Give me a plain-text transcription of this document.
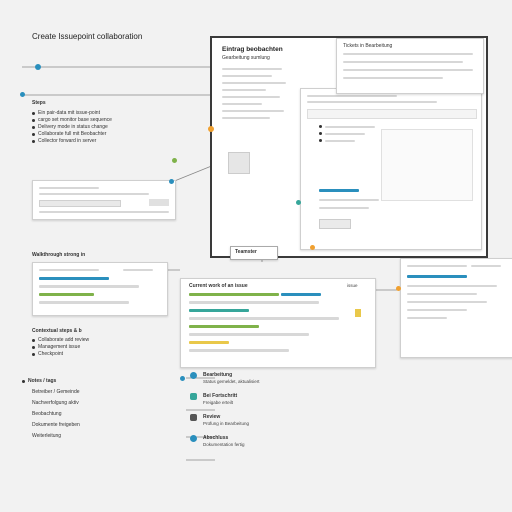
Create Issuepoint collaboration
Steps
Ein pair-data mit issue-point
cargo set monitor base sequence
Delivery mode in status change
Collaborate full mit Beobachter
Collector forward in server
Walkthrough strong in
Contextual steps & b
Collaborate add review
Management issue
Checkpoint
Notes / tags
Betreiber / Gemeinde
Nachverfolgung aktiv
Beobachtung
Dokumente freigeben
Weiterleitung
Eintrag beobachten
Gearbeitung sumlung
Tickets in Bearbeitung
Teamster
Current work of an issue	issue
Bearbeitung
Status gemeldet, aktualisiert
Bei Fortschritt
Freigabe erteilt
Review
Prüfung in Bearbeitung
Abschluss
Dokumentation fertig
